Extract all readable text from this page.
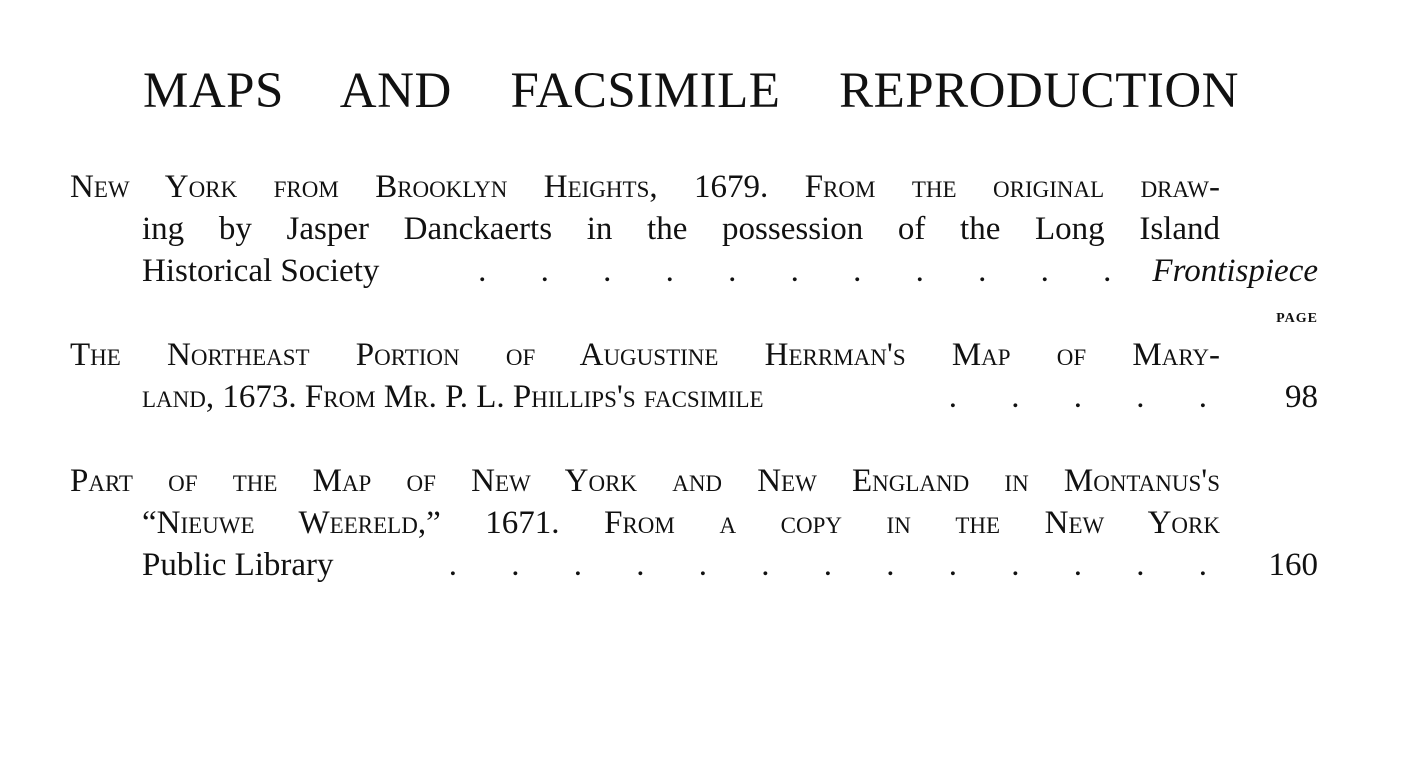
MAPS AND FACSIMILE REPRODUCTION
New York from Brooklyn Heights, 1679. From the original draw-
ing by Jasper Danckaerts in the possession of the Long Island
Historical Society	. . . . . . . . . . . Frontispiece
PAGE
The Northeast Portion of Augustine Herrman's Map of Mary-
land, 1673. From Mr. P. L. Phillips's facsimile	. . . . .	98
Part of the Map of New York and New England in Montanus's
“Nieuwe Weereld,” 1671. From a copy in the New York
Public Library	. . . . . . . . . . . . .	160
